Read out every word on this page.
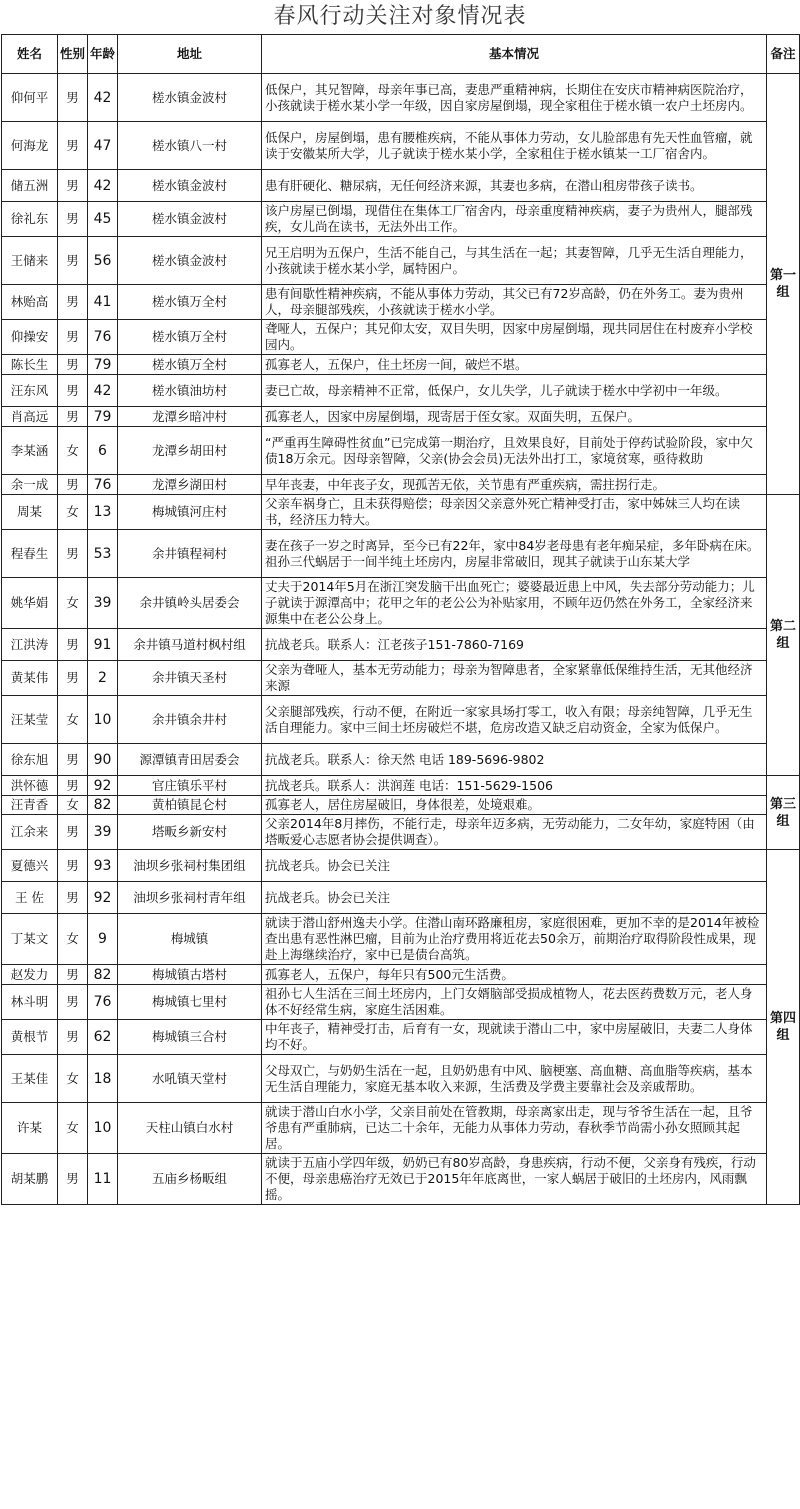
春风行动关注对象情况表
姓名	性别	年龄	地址	基本情况	备注
仰何平	男	42	槎水镇金波村	低保户，其兄智障，母亲年事已高，妻患严重精神病，长期住在安庆市精神病医院治疗，小孩就读于槎水某小学一年级，因自家房屋倒塌，现全家租住于槎水镇一农户土坯房内。	第一组
何海龙	男	47	槎水镇八一村	低保户，房屋倒塌，患有腰椎疾病，不能从事体力劳动，女儿脸部患有先天性血管瘤，就读于安徽某所大学，儿子就读于槎水某小学，全家租住于槎水镇某一工厂宿舍内。	
储五洲	男	42	槎水镇金波村	患有肝硬化、糖尿病，无任何经济来源，其妻也多病，在潜山租房带孩子读书。	
徐礼东	男	45	槎水镇金波村	该户房屋已倒塌，现借住在集体工厂宿舍内，母亲重度精神疾病，妻子为贵州人，腿部残疾，女儿尚在读书，无法外出工作。	
王储来	男	56	槎水镇金波村	兄王启明为五保户，生活不能自己，与其生活在一起；其妻智障，几乎无生活自理能力，小孩就读于槎水某小学，属特困户。	
林贻高	男	41	槎水镇万全村	患有间歇性精神疾病，不能从事体力劳动，其父已有72岁高龄，仍在外务工。妻为贵州人，母亲腿部残疾，小孩就读于槎水小学。	
仰操安	男	76	槎水镇万全村	聋哑人，五保户；其兄仰太安，双目失明，因家中房屋倒塌，现共同居住在村废弃小学校园内。	
陈长生	男	79	槎水镇万全村	孤寡老人，五保户，住土坯房一间，破烂不堪。	
汪东风	男	42	槎水镇油坊村	妻已亡故，母亲精神不正常，低保户，女儿失学，儿子就读于槎水中学初中一年级。	
肖高远	男	79	龙潭乡暗冲村	孤寡老人，因家中房屋倒塌，现寄居于侄女家。双面失明，五保户。	
李某涵	女	6	龙潭乡胡田村	“严重再生障碍性贫血”已完成第一期治疗，且效果良好，目前处于停药试验阶段，家中欠债18万余元。因母亲智障，父亲(协会会员)无法外出打工，家境贫寒，亟待救助	
余一成	男	76	龙潭乡湖田村	早年丧妻，中年丧子女，现孤苦无依，关节患有严重疾病，需拄拐行走。	
周某	女	13	梅城镇河庄村	父亲车祸身亡，且未获得赔偿；母亲因父亲意外死亡精神受打击，家中姊妹三人均在读书，经济压力特大。	第二组
程春生	男	53	余井镇程祠村	妻在孩子一岁之时离异，至今已有22年，家中84岁老母患有老年痴呆症，多年卧病在床。祖孙三代蜗居于一间半纯土坯房内，房屋非常破旧，现其子就读于山东某大学	
姚华娟	女	39	余井镇岭头居委会	丈夫于2014年5月在浙江突发脑干出血死亡；婆婆最近患上中风，失去部分劳动能力；儿子就读于源潭高中；花甲之年的老公公为补贴家用，不顾年迈仍然在外务工，全家经济来源集中在老公公身上。	
江洪涛	男	91	余井镇马道村枫村组	抗战老兵。联系人：江老孩子151-7860-7169	
黄某伟	男	2	余井镇天圣村	父亲为聋哑人，基本无劳动能力；母亲为智障患者，全家紧靠低保维持生活，无其他经济来源	
汪某莹	女	10	余井镇余井村	父亲腿部残疾，行动不便，在附近一家家具场打零工，收入有限；母亲纯智障，几乎无生活自理能力。家中三间土坯房破烂不堪，危房改造又缺乏启动资金，全家为低保户。	
徐东旭	男	90	源潭镇青田居委会	抗战老兵。联系人：徐天然 电话 189-5696-9802	
洪怀德	男	92	官庄镇乐平村	抗战老兵。联系人：洪润莲 电话：151-5629-1506	第三组
汪青香	女	82	黄柏镇昆仑村	孤寡老人，居住房屋破旧，身体很差，处境艰难。	
江余来	男	39	塔畈乡新安村	父亲2014年8月摔伤，不能行走，母亲年迈多病，无劳动能力，二女年幼，家庭特困（由塔畈爱心志愿者协会提供调查）。	
夏德兴	男	93	油坝乡张祠村集团组	抗战老兵。协会已关注	第四组
王 佐	男	92	油坝乡张祠村青年组	抗战老兵。协会已关注	
丁某文	女	9	梅城镇	就读于潜山舒州逸夫小学。住潜山南环路廉租房，家庭很困难，更加不幸的是2014年被检查出患有恶性淋巴瘤，目前为止治疗费用将近花去50余万，前期治疗取得阶段性成果，现赴上海继续治疗，家中已是债台高筑。	
赵发力	男	82	梅城镇古塔村	孤寡老人，五保户，每年只有500元生活费。	
林斗明	男	76	梅城镇七里村	祖孙七人生活在三间土坯房内，上门女婿脑部受损成植物人，花去医药费数万元，老人身体不好经常生病，家庭生活困难。	
黄根节	男	62	梅城镇三合村	中年丧子，精神受打击，后育有一女，现就读于潜山二中，家中房屋破旧，夫妻二人身体均不好。	
王某佳	女	18	水吼镇天堂村	父母双亡，与奶奶生活在一起，且奶奶患有中风、脑梗塞、高血糖、高血脂等疾病，基本无生活自理能力，家庭无基本收入来源，生活费及学费主要靠社会及亲戚帮助。	
许某	女	10	天柱山镇白水村	就读于潜山白水小学，父亲目前处在管教期，母亲离家出走，现与爷爷生活在一起，且爷爷患有严重肺病，已达二十余年，无能力从事体力劳动，春秋季节尚需小孙女照顾其起居。	
胡某鹏	男	11	五庙乡杨畈组	就读于五庙小学四年级，奶奶已有80岁高龄，身患疾病，行动不便，父亲身有残疾，行动不便，母亲患癌治疗无效已于2015年年底离世，一家人蜗居于破旧的土坯房内，风雨飘摇。	
